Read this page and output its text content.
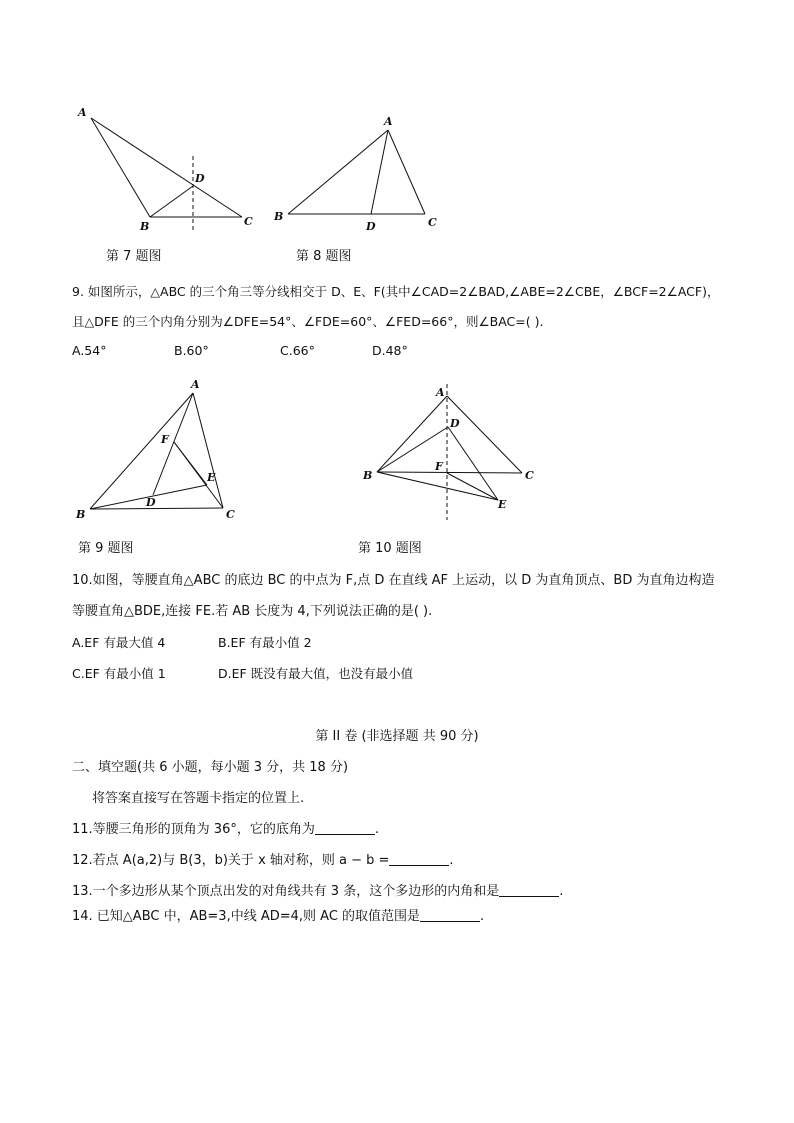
A
D
B	C
第 7 题图
A
B
D	C
第 8 题图
9. 如图所示，△ABC 的三个角三等分线相交于 D、E、F(其中∠CAD=2∠BAD,∠ABE=2∠CBE，∠BCF=2∠ACF)，
且△DFE 的三个内角分别为∠DFE=54°、∠FDE=60°、∠FED=66°，则∠BAC=( ).
A.54°	B.60°	C.66°	D.48°
A
F
E
D
B	C
第 9 题图
A
D
F
B	C
E
第 10 题图
10.如图，等腰直角△ABC 的底边 BC 的中点为 F,点 D 在直线 AF 上运动，以 D 为直角顶点、BD 为直角边构造
等腰直角△BDE,连接 FE.若 AB 长度为 4,下列说法正确的是( ).
A.EF 有最大值 4	B.EF 有最小值 2
C.EF 有最小值 1	D.EF 既没有最大值，也没有最小值
第 II 卷 (非选择题 共 90 分)
二、填空题(共 6 小题，每小题 3 分，共 18 分)
将答案直接写在答题卡指定的位置上.
11.等腰三角形的顶角为 36°，它的底角为	.
12.若点 A(a,2)与 B(3，b)关于 x 轴对称，则 a − b =	.
13.一个多边形从某个顶点出发的对角线共有 3 条，这个多边形的内角和是	.
14. 已知△ABC 中，AB=3,中线 AD=4,则 AC 的取值范围是	.
